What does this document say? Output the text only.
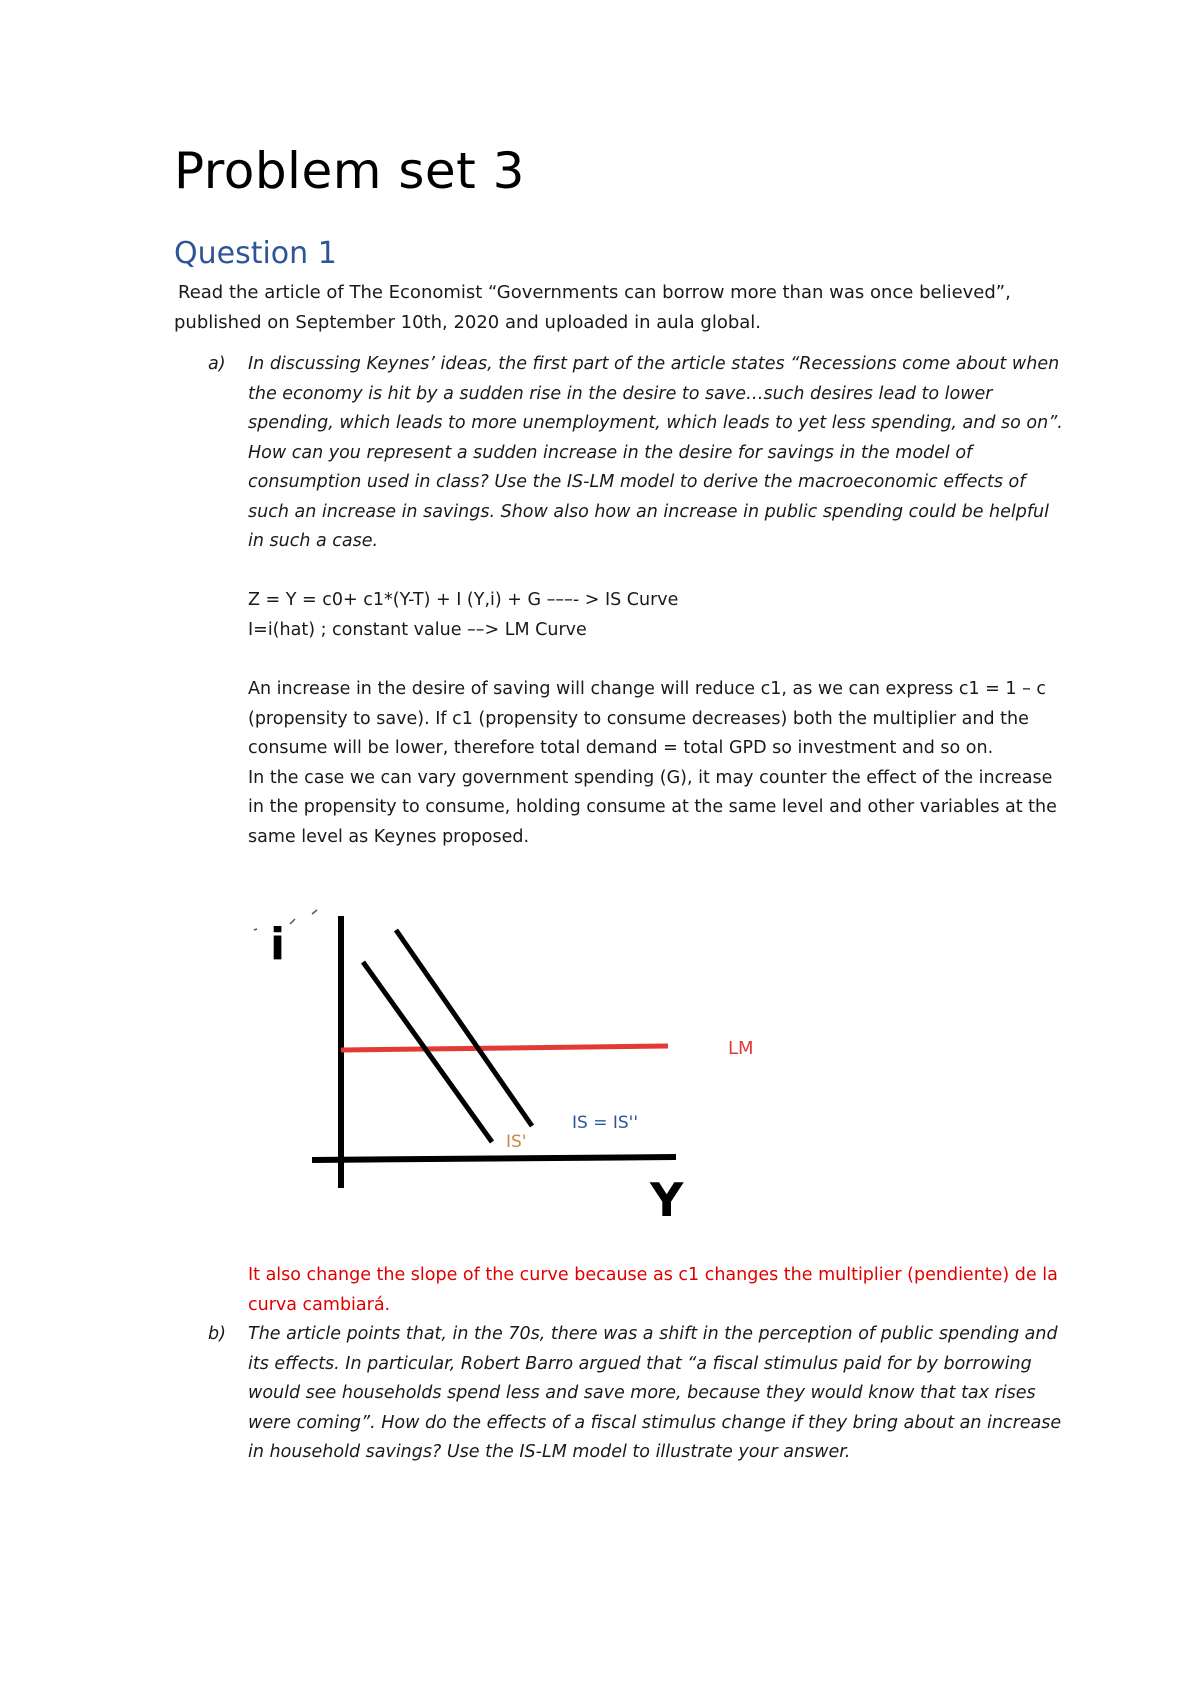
Problem set 3
Question 1
Read the article of The Economist “Governments can borrow more than was once believed”,
published on September 10th, 2020 and uploaded in aula global.
a) In discussing Keynes’ ideas, the first part of the article states “Recessions come about when the economy is hit by a sudden rise in the desire to save…such desires lead to lower spending, which leads to more unemployment, which leads to yet less spending, and so on”. How can you represent a sudden increase in the desire for savings in the model of consumption used in class? Use the IS-LM model to derive the macroeconomic effects of such an increase in savings. Show also how an increase in public spending could be helpful in such a case.

Z = Y = c0+ c1*(Y-T) + I (Y,i) + G –––- > IS Curve

I=i(hat) ; constant value ––> LM Curve

An increase in the desire of saving will change will reduce c1, as we can express c1 = 1 – c (propensity to save). If c1 (propensity to consume decreases) both the multiplier and the consume will be lower, therefore total demand = total GPD so investment and so on.

In the case we can vary government spending (G), it may counter the effect of the increase in the propensity to consume, holding consume at the same level and other variables at the same level as Keynes proposed.

i
Y
LM
IS = IS''
IS'

It also change the slope of the curve because as c1 changes the multiplier (pendiente) de la curva cambiará.

b) The article points that, in the 70s, there was a shift in the perception of public spending and its effects. In particular, Robert Barro argued that “a fiscal stimulus paid for by borrowing would see households spend less and save more, because they would know that tax rises were coming”. How do the effects of a fiscal stimulus change if they bring about an increase in household savings? Use the IS-LM model to illustrate your answer.
